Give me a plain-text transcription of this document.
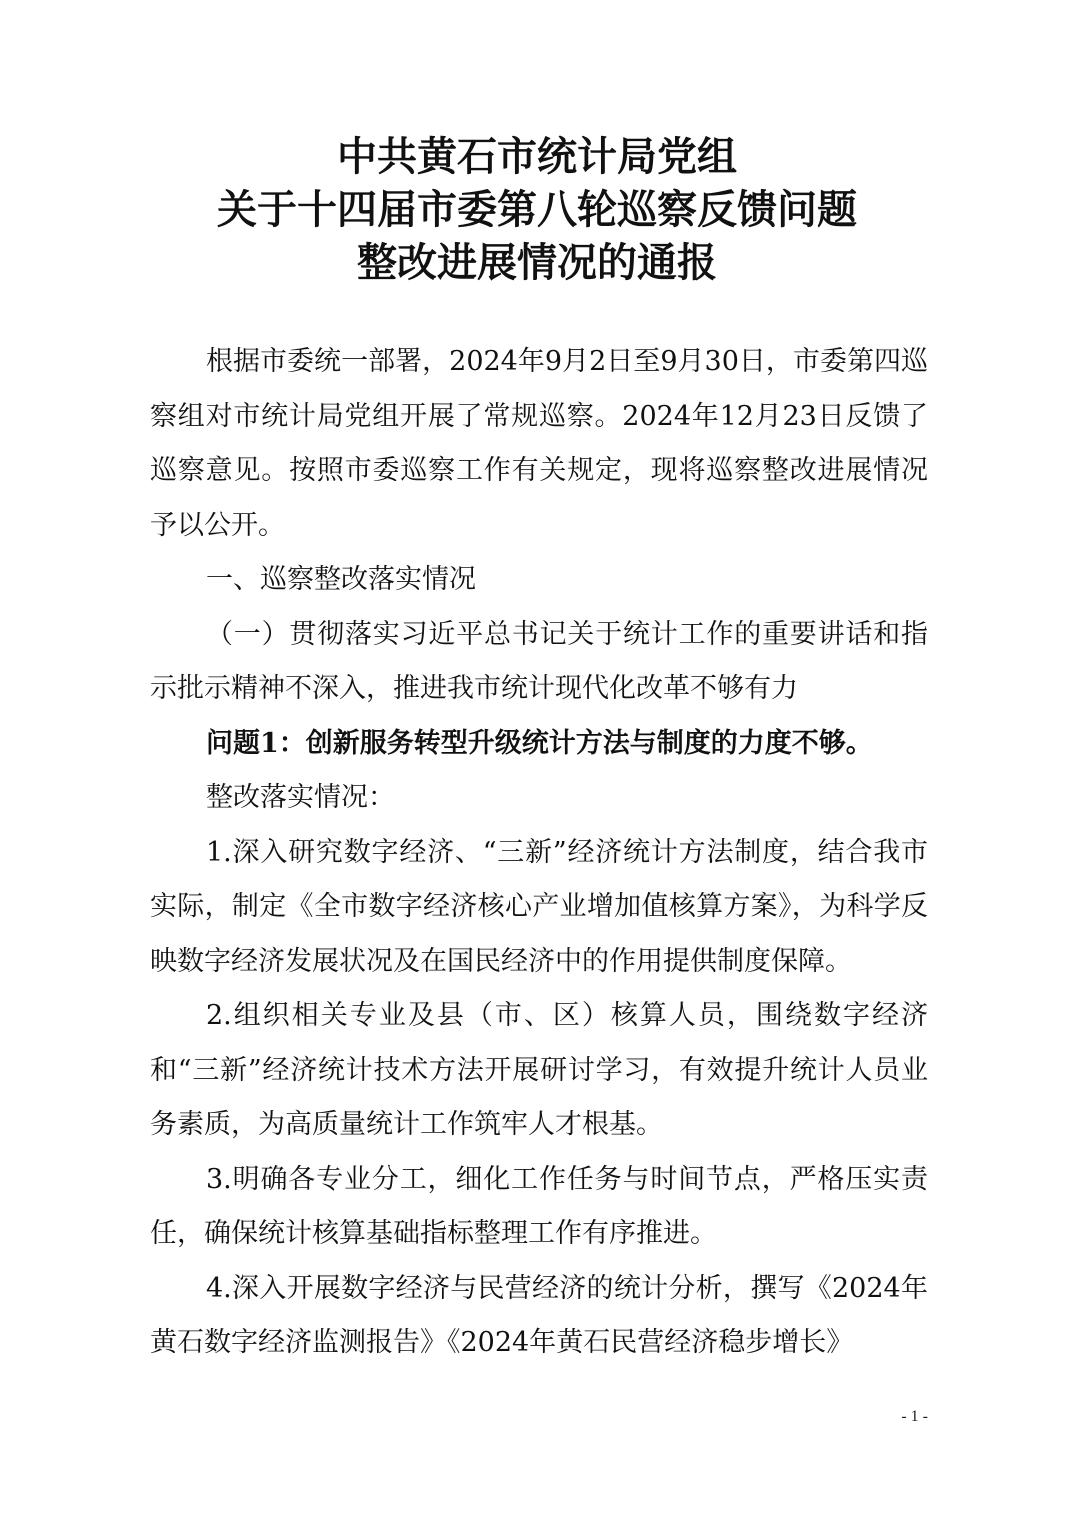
中共黄石市统计局党组
关于十四届市委第八轮巡察反馈问题
整改进展情况的通报

根据市委统一部署，2024年9月2日至9月30日，市委第四巡察组对市统计局党组开展了常规巡察。2024年12月23日反馈了巡察意见。按照市委巡察工作有关规定，现将巡察整改进展情况予以公开。

一、巡察整改落实情况

（一）贯彻落实习近平总书记关于统计工作的重要讲话和指示批示精神不深入，推进我市统计现代化改革不够有力

问题1：创新服务转型升级统计方法与制度的力度不够。

整改落实情况：

1.深入研究数字经济、“三新”经济统计方法制度，结合我市实际，制定《全市数字经济核心产业增加值核算方案》，为科学反映数字经济发展状况及在国民经济中的作用提供制度保障。

2.组织相关专业及县（市、区）核算人员，围绕数字经济和“三新”经济统计技术方法开展研讨学习，有效提升统计人员业务素质，为高质量统计工作筑牢人才根基。

3.明确各专业分工，细化工作任务与时间节点，严格压实责任，确保统计核算基础指标整理工作有序推进。

4.深入开展数字经济与民营经济的统计分析，撰写《2024年黄石数字经济监测报告》《2024年黄石民营经济稳步增长》

- 1 -
